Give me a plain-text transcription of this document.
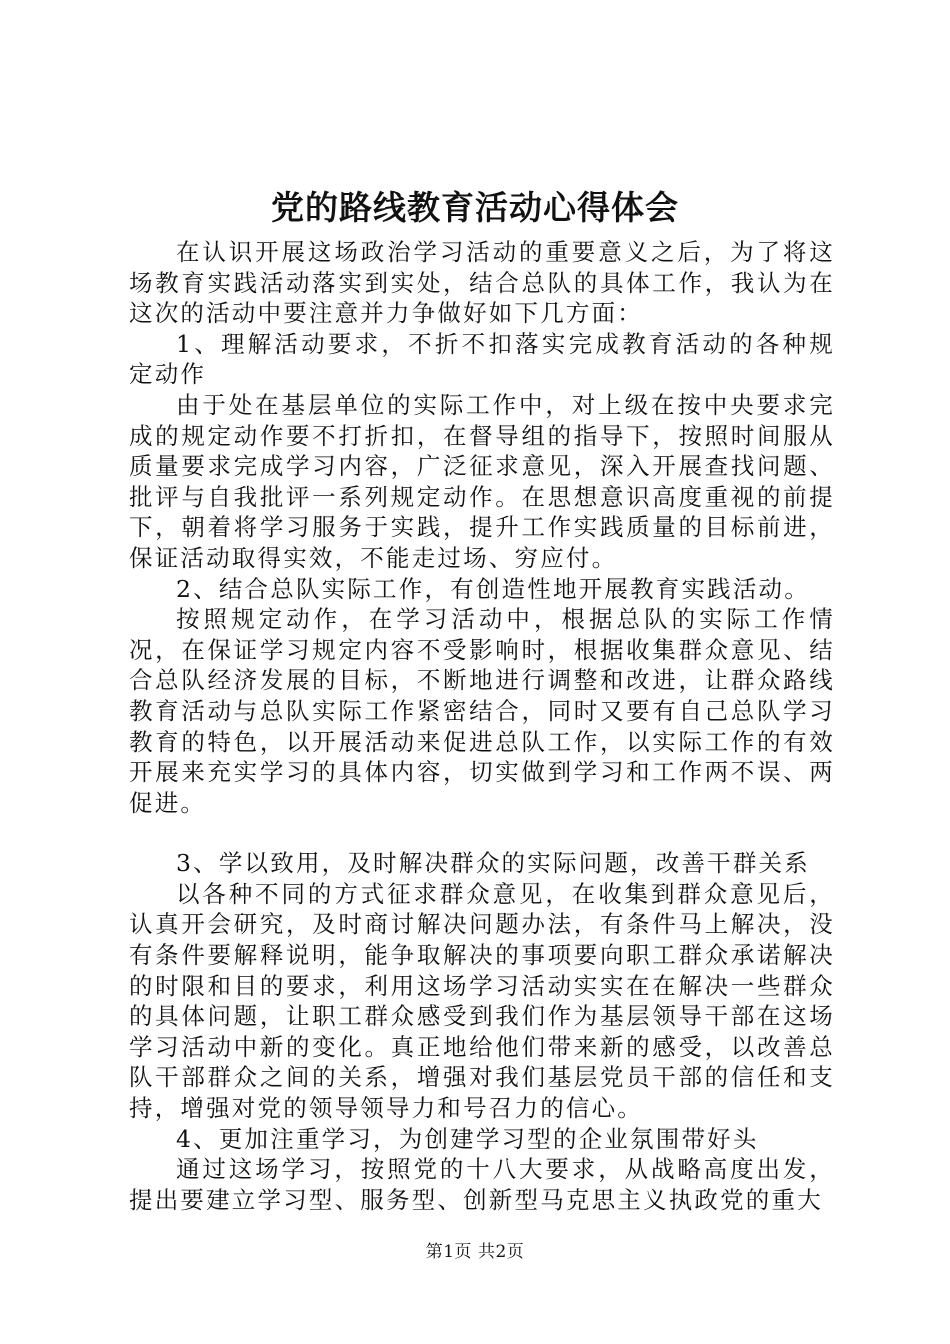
党的路线教育活动心得体会

在认识开展这场政治学习活动的重要意义之后，为了将这场教育实践活动落实到实处，结合总队的具体工作，我认为在这次的活动中要注意并力争做好如下几方面：

1、理解活动要求，不折不扣落实完成教育活动的各种规定动作

由于处在基层单位的实际工作中，对上级在按中央要求完成的规定动作要不打折扣，在督导组的指导下，按照时间服从质量要求完成学习内容，广泛征求意见，深入开展查找问题、批评与自我批评一系列规定动作。在思想意识高度重视的前提下，朝着将学习服务于实践，提升工作实践质量的目标前进，保证活动取得实效，不能走过场、穷应付。

2、结合总队实际工作，有创造性地开展教育实践活动。

按照规定动作，在学习活动中，根据总队的实际工作情况，在保证学习规定内容不受影响时，根据收集群众意见、结合总队经济发展的目标，不断地进行调整和改进，让群众路线教育活动与总队实际工作紧密结合，同时又要有自己总队学习教育的特色，以开展活动来促进总队工作，以实际工作的有效开展来充实学习的具体内容，切实做到学习和工作两不误、两促进。

3、学以致用，及时解决群众的实际问题，改善干群关系

以各种不同的方式征求群众意见，在收集到群众意见后，认真开会研究，及时商讨解决问题办法，有条件马上解决，没有条件要解释说明，能争取解决的事项要向职工群众承诺解决的时限和目的要求，利用这场学习活动实实在在解决一些群众的具体问题，让职工群众感受到我们作为基层领导干部在这场学习活动中新的变化。真正地给他们带来新的感受，以改善总队干部群众之间的关系，增强对我们基层党员干部的信任和支持，增强对党的领导领导力和号召力的信心。

4、更加注重学习，为创建学习型的企业氛围带好头

通过这场学习，按照党的十八大要求，从战略高度出发，提出要建立学习型、服务型、创新型马克思主义执政党的重大

第1页 共2页
